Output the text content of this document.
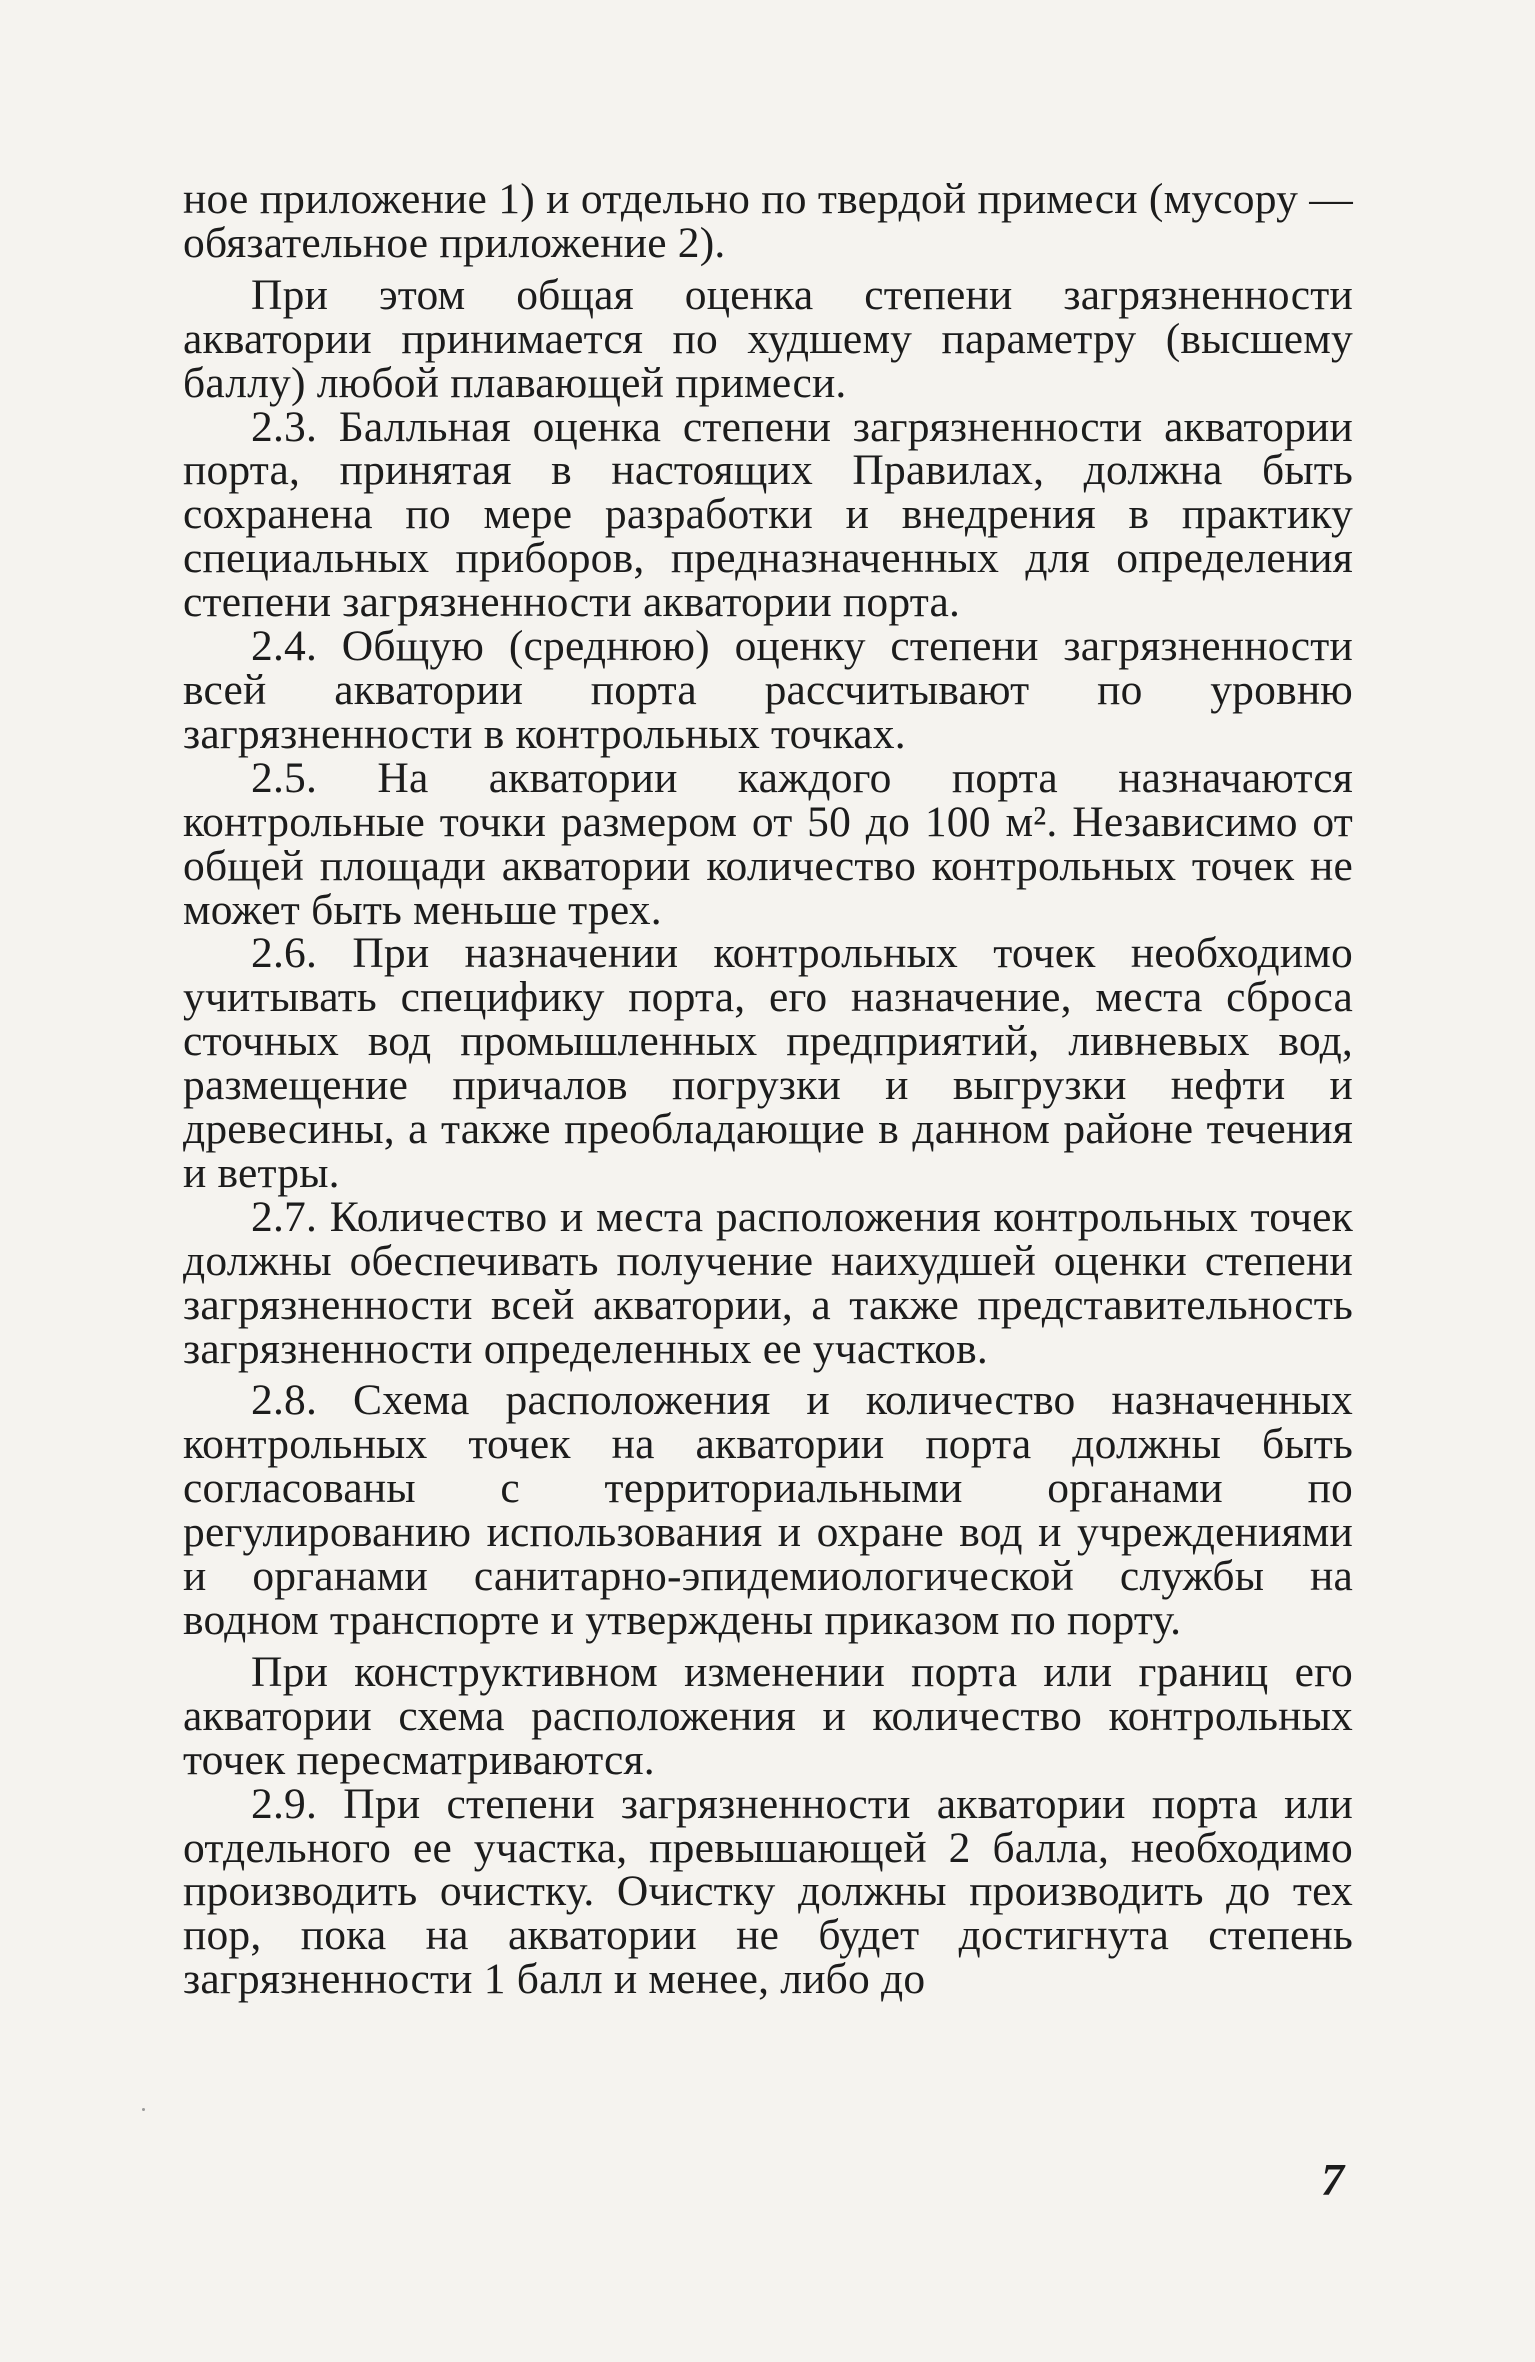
ное приложение 1) и отдельно по твердой примеси (мусору — обязательное приложение 2).

При этом общая оценка степени загрязненности акватории принимается по худшему параметру (высшему баллу) любой плавающей примеси.

2.3. Балльная оценка степени загрязненности акватории порта, принятая в настоящих Правилах, должна быть сохранена по мере разработки и внедрения в практику специальных приборов, предназначенных для определения степени загрязненности акватории порта.

2.4. Общую (среднюю) оценку степени загрязненности всей акватории порта рассчитывают по уровню загрязненности в контрольных точках.

2.5. На акватории каждого порта назначаются контрольные точки размером от 50 до 100 м². Независимо от общей площади акватории количество контрольных точек не может быть меньше трех.

2.6. При назначении контрольных точек необходимо учитывать специфику порта, его назначение, места сброса сточных вод промышленных предприятий, ливневых вод, размещение причалов погрузки и выгрузки нефти и древесины, а также преобладающие в данном районе течения и ветры.

2.7. Количество и места расположения контрольных точек должны обеспечивать получение наихудшей оценки степени загрязненности всей акватории, а также представительность загрязненности определенных ее участков.

2.8. Схема расположения и количество назначенных контрольных точек на акватории порта должны быть согласованы с территориальными органами по регулированию использования и охране вод и учреждениями и органами санитарно-эпидемиологической службы на водном транспорте и утверждены приказом по порту.

При конструктивном изменении порта или границ его акватории схема расположения и количество контрольных точек пересматриваются.

2.9. При степени загрязненности акватории порта или отдельного ее участка, превышающей 2 балла, необходимо производить очистку. Очистку должны производить до тех пор, пока на акватории не будет достигнута степень загрязненности 1 балл и менее, либо до

7
